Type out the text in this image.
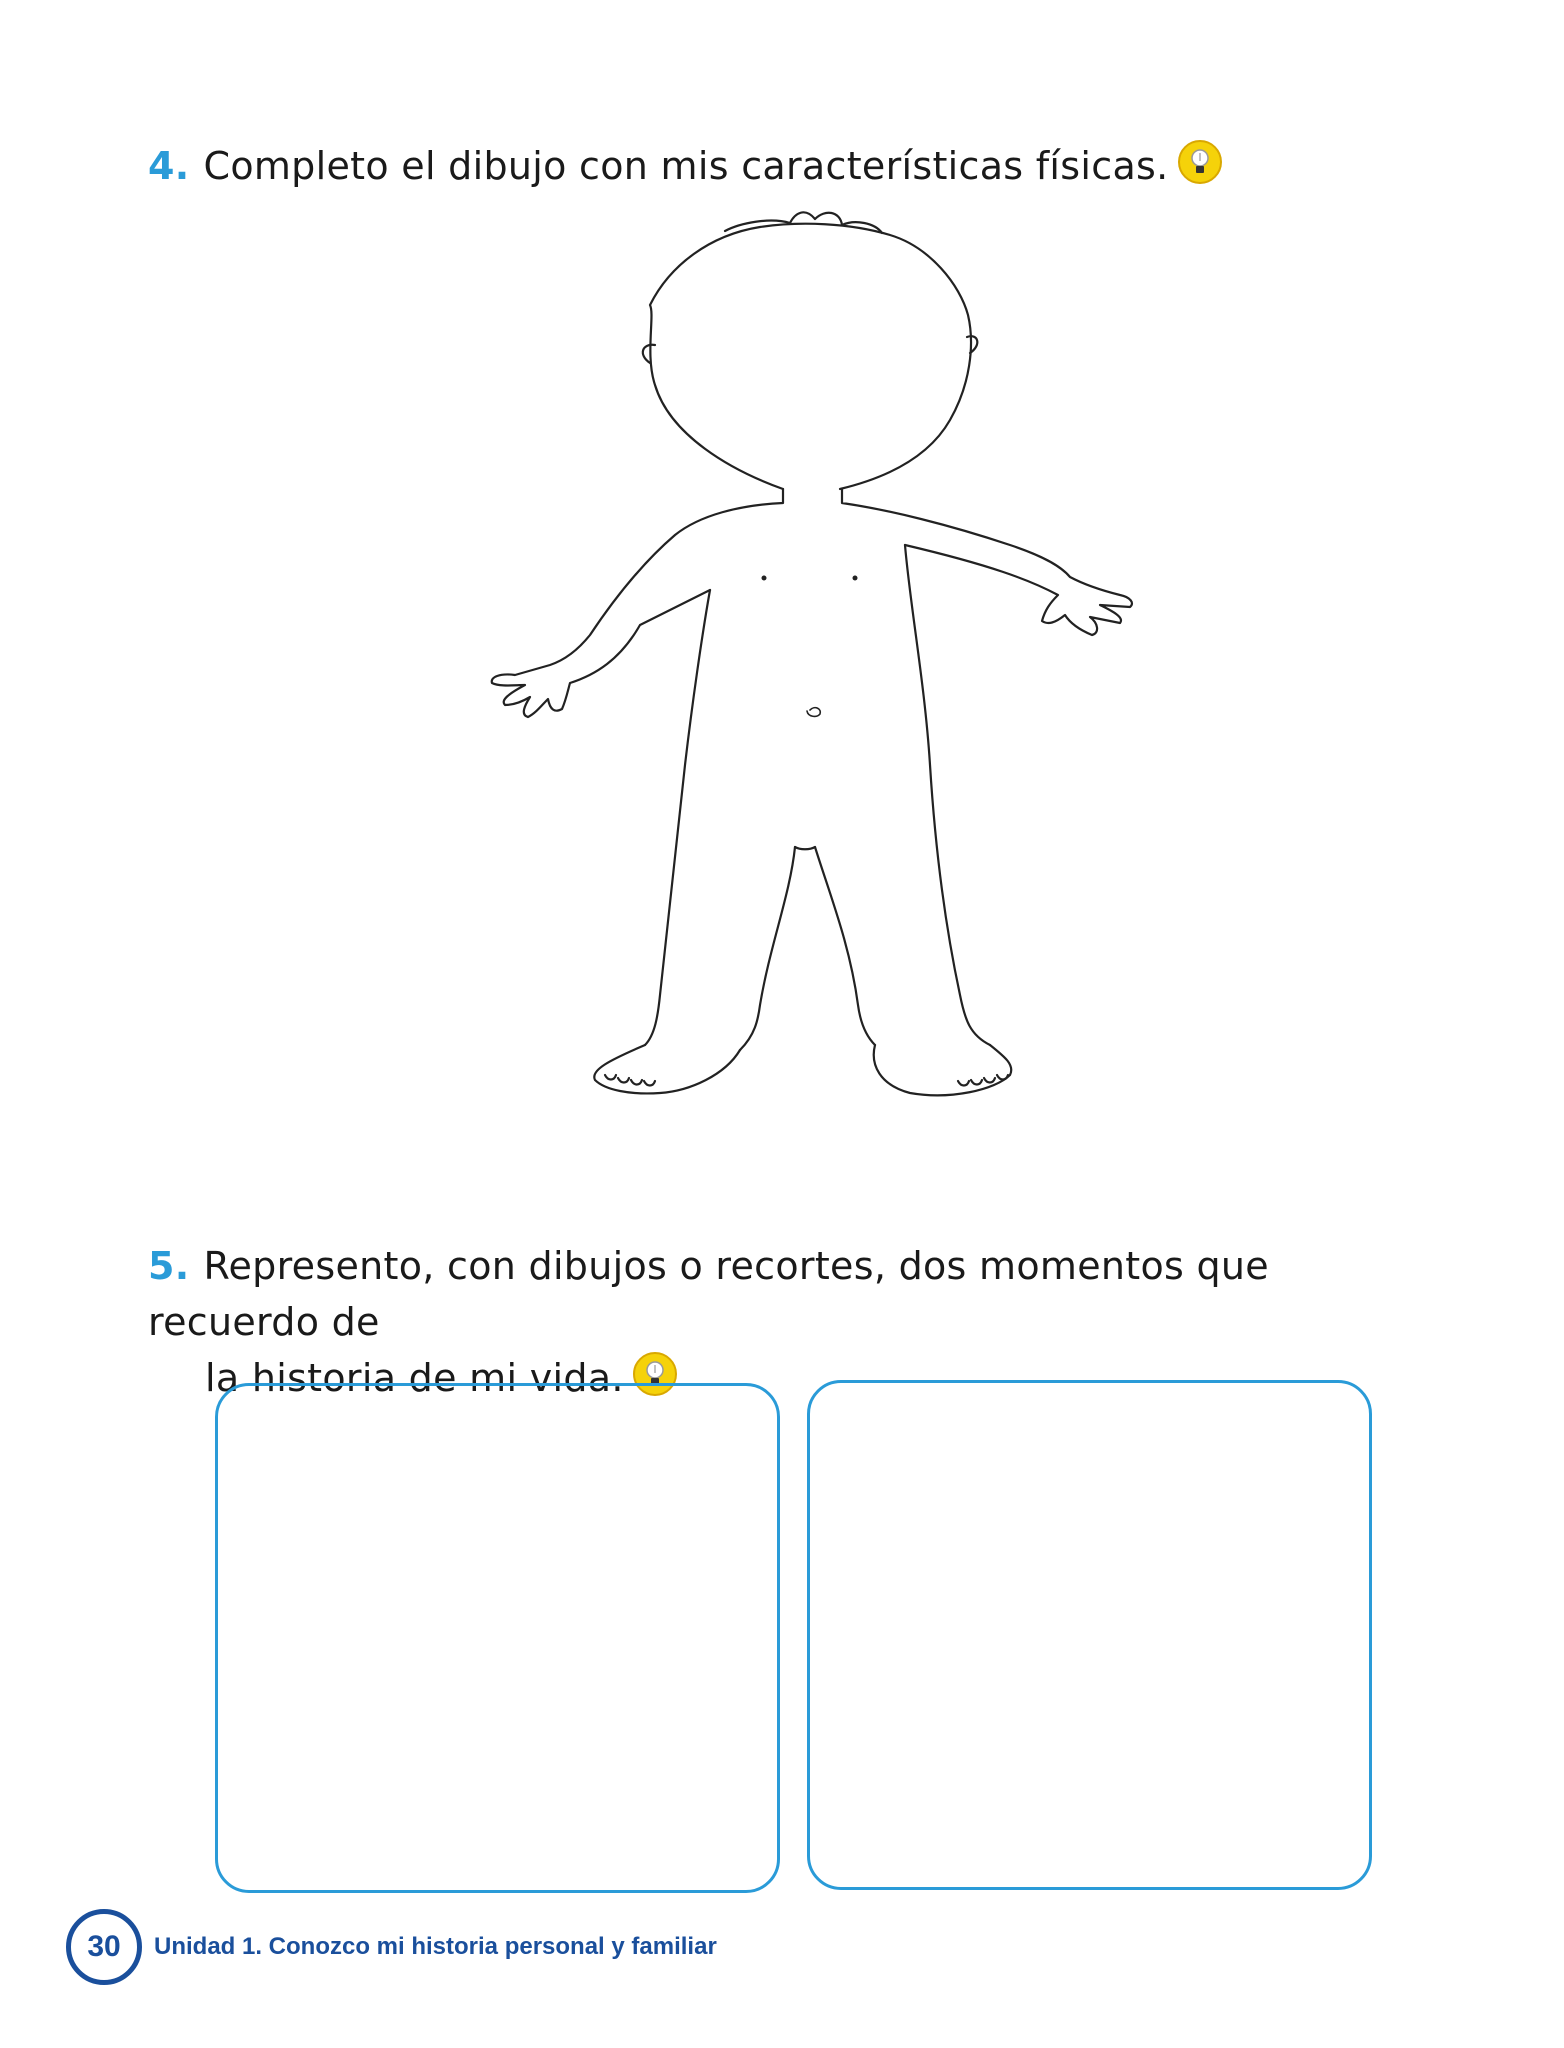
4. Completo el dibujo con mis características físicas.
5. Represento, con dibujos o recortes, dos momentos que recuerdo de
la historia de mi vida.
30	Unidad 1. Conozco mi historia personal y familiar
